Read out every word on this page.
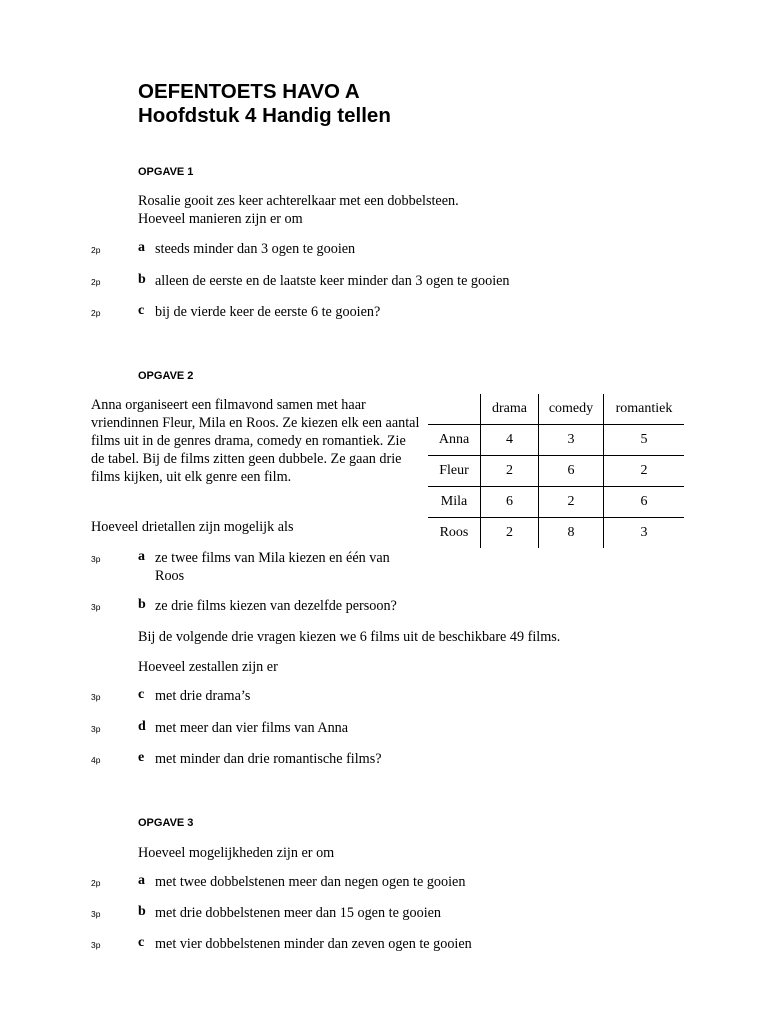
OEFENTOETS HAVO A
Hoofdstuk 4 Handig tellen
OPGAVE 1
Rosalie gooit zes keer achterelkaar met een dobbelsteen.
Hoeveel manieren zijn er om
2p	a steeds minder dan 3 ogen te gooien
2p	b alleen de eerste en de laatste keer minder dan 3 ogen te gooien
2p	c bij de vierde keer de eerste 6 te gooien?
OPGAVE 2
Anna organiseert een filmavond samen met haar vriendinnen Fleur, Mila en Roos. Ze kiezen elk een aantal films uit in de genres drama, comedy en romantiek. Zie de tabel. Bij de films zitten geen dubbele. Ze gaan drie films kijken, uit elk genre een film.
Hoeveel drietallen zijn mogelijk als
3p	a ze twee films van Mila kiezen en één van Roos
3p	b ze drie films kiezen van dezelfde persoon?
Bij de volgende drie vragen kiezen we 6 films uit de beschikbare 49 films.
Hoeveel zestallen zijn er
3p	c met drie drama’s
3p	d met meer dan vier films van Anna
4p	e met minder dan drie romantische films?
	drama	comedy	romantiek
Anna	4	3	5
Fleur	2	6	2
Mila	6	2	6
Roos	2	8	3
OPGAVE 3
Hoeveel mogelijkheden zijn er om
2p	a met twee dobbelstenen meer dan negen ogen te gooien
3p	b met drie dobbelstenen meer dan 15 ogen te gooien
3p	c met vier dobbelstenen minder dan zeven ogen te gooien
